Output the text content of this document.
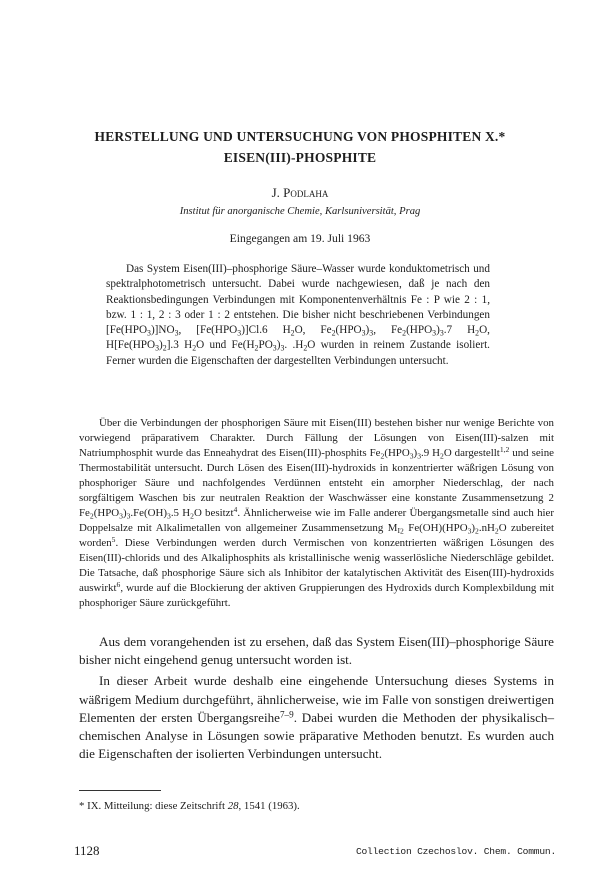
HERSTELLUNG UND UNTERSUCHUNG VON PHOSPHITEN X.*
EISEN(III)-PHOSPHITE
J. Podlaha
Institut für anorganische Chemie, Karlsuniversität, Prag
Eingegangen am 19. Juli 1963

Das System Eisen(III)–phosphorige Säure–Wasser wurde konduktometrisch und spektralphotometrisch untersucht. Dabei wurde nachgewiesen, daß je nach den Reaktionsbedingungen Verbindungen mit Komponentenverhältnis Fe : P wie 2 : 1, bzw. 1 : 1, 2 : 3 oder 1 : 2 entstehen. Die bisher nicht beschriebenen Verbindungen $[Fe(HPO_3)]NO_3$, $[Fe(HPO_3)]Cl.6$ $H_2O$, $Fe_2(HPO_3)_3$, $Fe_2(HPO_3)_3.7$ $H_2O$, $H[Fe(HPO_3)_2].3$ $H_2O$ und $Fe(H_2PO_3)_3$. $.H_2O$ wurden in reinem Zustande isoliert. Ferner wurden die Eigenschaften der dargestellten Verbindungen untersucht.

Über die Verbindungen der phosphorigen Säure mit Eisen(III) bestehen bisher nur wenige Berichte von vorwiegend präparativem Charakter. Durch Fällung der Lösungen von Eisen(III)-salzen mit Natriumphosphit wurde das Enneahydrat des Eisen(III)-phosphits $Fe_2(HPO_3)_3.9$ $H_2O$ dargestellt$^{1,2}$ und seine Thermostabilität untersucht. Durch Lösen des Eisen(III)-hydroxids in konzentrierter wäßrigen Lösung von phosphoriger Säure und nachfolgendes Verdünnen entsteht ein amorpher Niederschlag, der nach sorgfältigem Waschen bis zur neutralen Reaktion der Waschwässer eine konstante Zusammensetzung 2 $Fe_2(HPO_3)_3.Fe(OH)_3.5$ $H_2O$ besitzt$^4$. Ähnlicherweise wie im Falle anderer Übergangsmetalle sind auch hier Doppelsalze mit Alkalimetallen von allgemeiner Zusammensetzung $M^I_2$ $Fe(OH)(HPO_3)_2.nH_2O$ zubereitet worden$^5$. Diese Verbindungen werden durch Vermischen von konzentrierten wäßrigen Lösungen des Eisen(III)-chlorids und des Alkaliphosphits als kristallinische wenig wasserlösliche Niederschläge gebildet. Die Tatsache, daß phosphorige Säure sich als Inhibitor der katalytischen Aktivität des Eisen(III)-hydroxids auswirkt$^6$, wurde auf die Blockierung der aktiven Gruppierungen des Hydroxids durch Komplexbildung mit phosphoriger Säure zurückgeführt.

Aus dem vorangehenden ist zu ersehen, daß das System Eisen(III)–phosphorige Säure bisher nicht eingehend genug untersucht worden ist.

In dieser Arbeit wurde deshalb eine eingehende Untersuchung dieses Systems in wäßrigem Medium durchgeführt, ähnlicherweise, wie im Falle von sonstigen dreiwertigen Elementen der ersten Übergangsreihe$^{7-9}$. Dabei wurden die Methoden der physikalisch–chemischen Analyse in Lösungen sowie präparative Methoden benutzt. Es wurden auch die Eigenschaften der isolierten Verbindungen untersucht.

* IX. Mitteilung: diese Zeitschrift 28, 1541 (1963).
1128	Collection Czechoslov. Chem. Commun.
